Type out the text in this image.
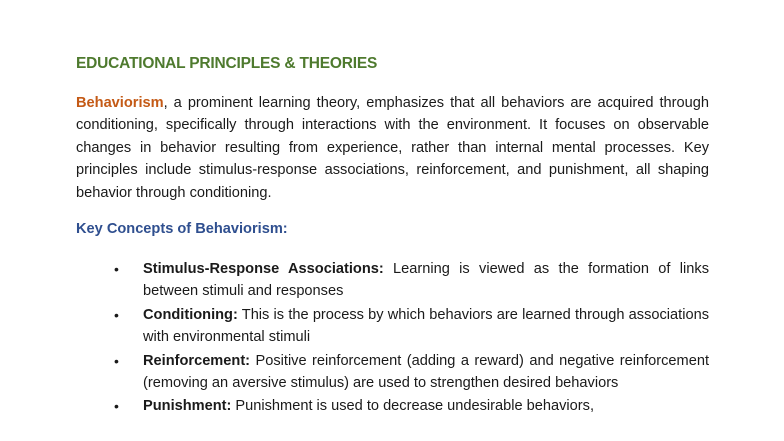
EDUCATIONAL PRINCIPLES & THEORIES

Behaviorism, a prominent learning theory, emphasizes that all behaviors are acquired through conditioning, specifically through interactions with the environment. It focuses on observable changes in behavior resulting from experience, rather than internal mental processes. Key principles include stimulus-response associations, reinforcement, and punishment, all shaping behavior through conditioning.

Key Concepts of Behaviorism:
• Stimulus-Response Associations: Learning is viewed as the formation of links between stimuli and responses
• Conditioning: This is the process by which behaviors are learned through associations with environmental stimuli
• Reinforcement: Positive reinforcement (adding a reward) and negative reinforcement (removing an aversive stimulus) are used to strengthen desired behaviors
• Punishment: Punishment is used to decrease undesirable behaviors,
